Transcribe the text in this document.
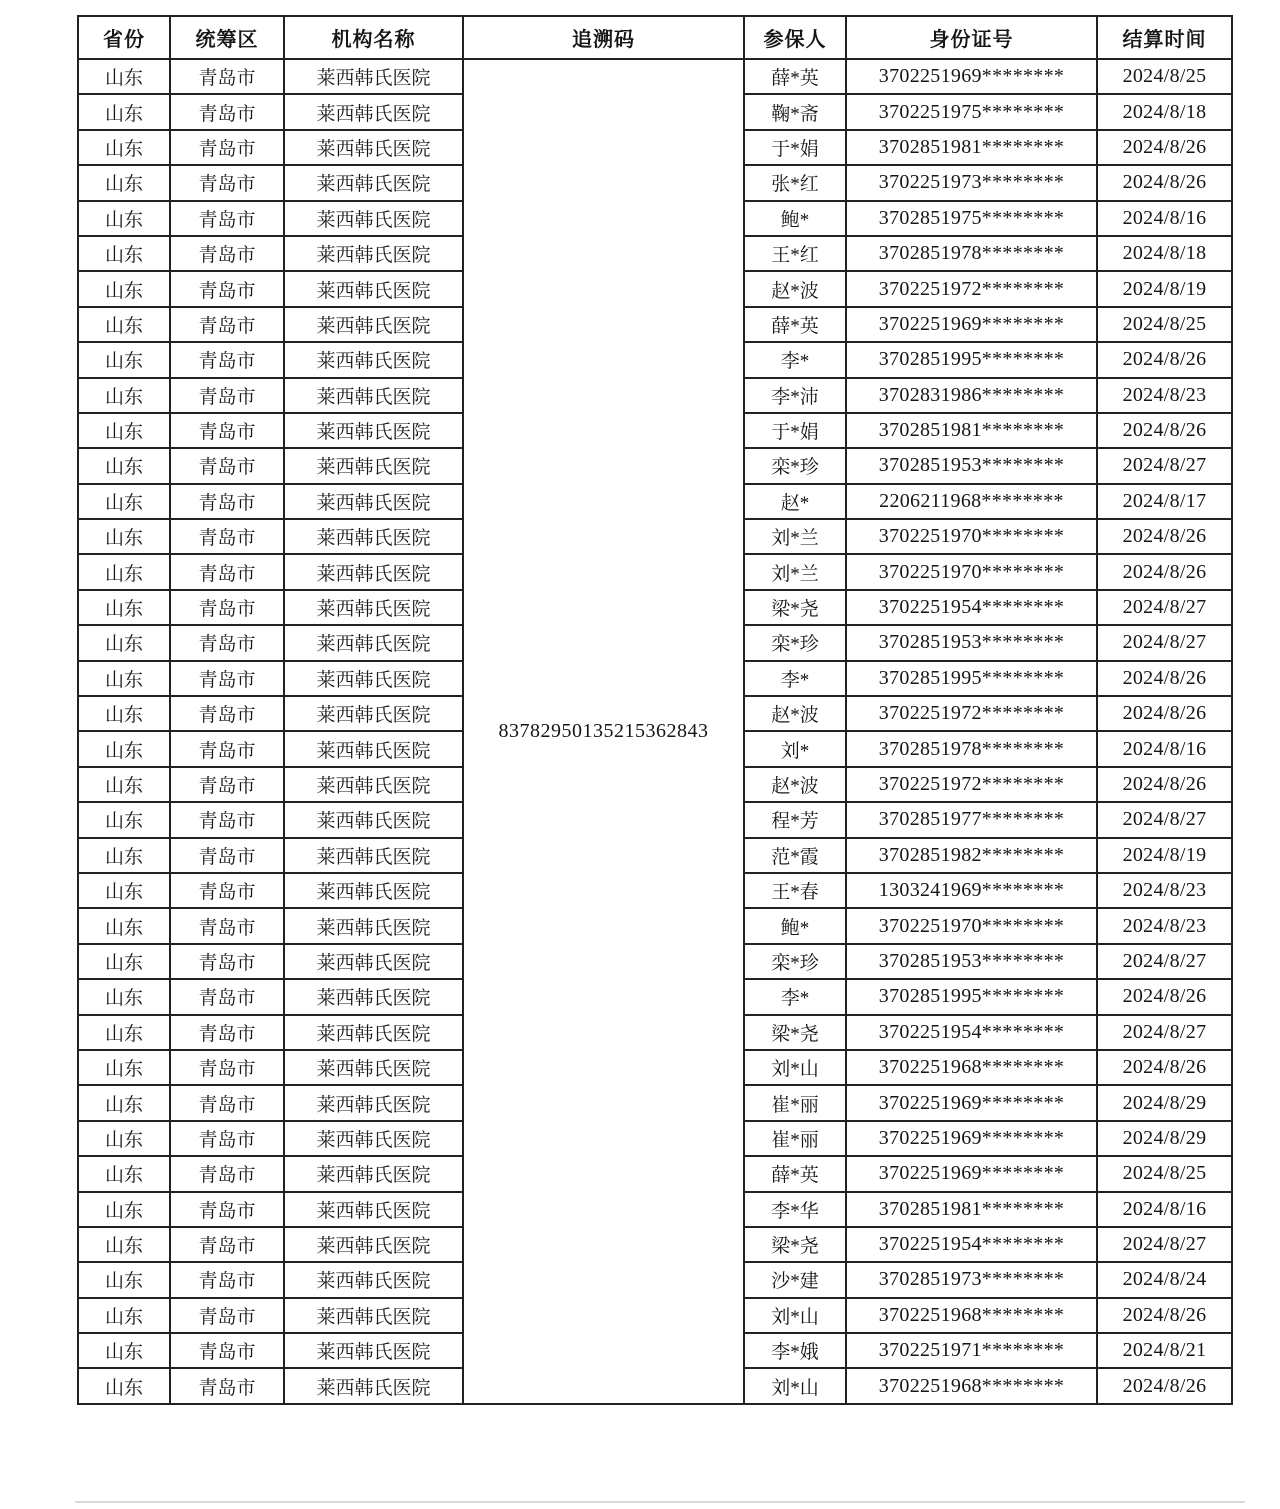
省份	统筹区	机构名称	追溯码	参保人	身份证号	结算时间
山东	青岛市	莱西韩氏医院	83782950135215362843	薛*英	3702251969********	2024/8/25
山东	青岛市	莱西韩氏医院		鞠*斋	3702251975********	2024/8/18
山东	青岛市	莱西韩氏医院		于*娟	3702851981********	2024/8/26
山东	青岛市	莱西韩氏医院		张*红	3702251973********	2024/8/26
山东	青岛市	莱西韩氏医院		鲍*	3702851975********	2024/8/16
山东	青岛市	莱西韩氏医院		王*红	3702851978********	2024/8/18
山东	青岛市	莱西韩氏医院		赵*波	3702251972********	2024/8/19
山东	青岛市	莱西韩氏医院		薛*英	3702251969********	2024/8/25
山东	青岛市	莱西韩氏医院		李*	3702851995********	2024/8/26
山东	青岛市	莱西韩氏医院		李*沛	3702831986********	2024/8/23
山东	青岛市	莱西韩氏医院		于*娟	3702851981********	2024/8/26
山东	青岛市	莱西韩氏医院		栾*珍	3702851953********	2024/8/27
山东	青岛市	莱西韩氏医院		赵*	2206211968********	2024/8/17
山东	青岛市	莱西韩氏医院		刘*兰	3702251970********	2024/8/26
山东	青岛市	莱西韩氏医院		刘*兰	3702251970********	2024/8/26
山东	青岛市	莱西韩氏医院		梁*尧	3702251954********	2024/8/27
山东	青岛市	莱西韩氏医院		栾*珍	3702851953********	2024/8/27
山东	青岛市	莱西韩氏医院		李*	3702851995********	2024/8/26
山东	青岛市	莱西韩氏医院		赵*波	3702251972********	2024/8/26
山东	青岛市	莱西韩氏医院		刘*	3702851978********	2024/8/16
山东	青岛市	莱西韩氏医院		赵*波	3702251972********	2024/8/26
山东	青岛市	莱西韩氏医院		程*芳	3702851977********	2024/8/27
山东	青岛市	莱西韩氏医院		范*霞	3702851982********	2024/8/19
山东	青岛市	莱西韩氏医院		王*春	1303241969********	2024/8/23
山东	青岛市	莱西韩氏医院		鲍*	3702251970********	2024/8/23
山东	青岛市	莱西韩氏医院		栾*珍	3702851953********	2024/8/27
山东	青岛市	莱西韩氏医院		李*	3702851995********	2024/8/26
山东	青岛市	莱西韩氏医院		梁*尧	3702251954********	2024/8/27
山东	青岛市	莱西韩氏医院		刘*山	3702251968********	2024/8/26
山东	青岛市	莱西韩氏医院		崔*丽	3702251969********	2024/8/29
山东	青岛市	莱西韩氏医院		崔*丽	3702251969********	2024/8/29
山东	青岛市	莱西韩氏医院		薛*英	3702251969********	2024/8/25
山东	青岛市	莱西韩氏医院		李*华	3702851981********	2024/8/16
山东	青岛市	莱西韩氏医院		梁*尧	3702251954********	2024/8/27
山东	青岛市	莱西韩氏医院		沙*建	3702851973********	2024/8/24
山东	青岛市	莱西韩氏医院		刘*山	3702251968********	2024/8/26
山东	青岛市	莱西韩氏医院		李*娥	3702251971********	2024/8/21
山东	青岛市	莱西韩氏医院		刘*山	3702251968********	2024/8/26
